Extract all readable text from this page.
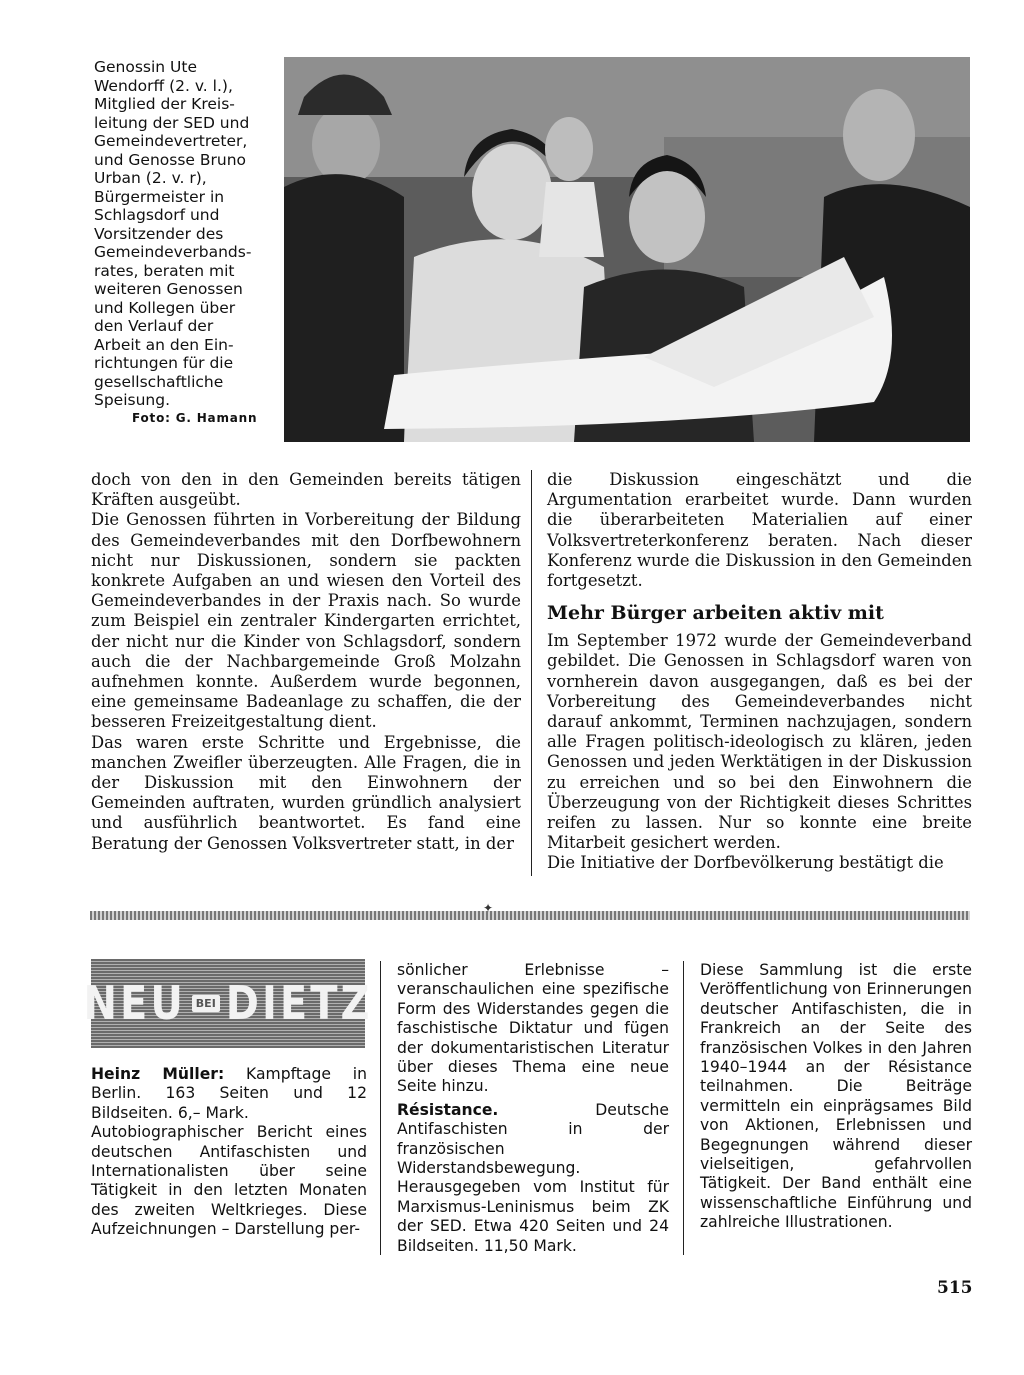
Genossin Ute
Wendorff (2. v. l.),
Mitglied der Kreis-
leitung der SED und
Gemeindevertreter,
und Genosse Bruno
Urban (2. v. r),
Bürgermeister in
Schlagsdorf und
Vorsitzender des
Gemeindeverbands-
rates, beraten mit
weiteren Genossen
und Kollegen über
den Verlauf der
Arbeit an den Ein-
richtungen für die
gesellschaftliche
Speisung.
Foto: G. Hamann

doch von den in den Gemeinden bereits tätigen Kräften ausgeübt.

Die Genossen führten in Vorbereitung der Bildung des Gemeindeverbandes mit den Dorfbewohnern nicht nur Diskussionen, sondern sie packten konkrete Aufgaben an und wiesen den Vorteil des Gemeindeverbandes in der Praxis nach. So wurde zum Beispiel ein zentraler Kindergarten errichtet, der nicht nur die Kinder von Schlagsdorf, sondern auch die der Nachbargemeinde Groß Molzahn aufnehmen konnte. Außerdem wurde begonnen, eine gemeinsame Badeanlage zu schaffen, die der besseren Freizeitgestaltung dient.

Das waren erste Schritte und Ergebnisse, die manchen Zweifler überzeugten. Alle Fragen, die in der Diskussion mit den Einwohnern der Gemeinden auftraten, wurden gründlich analysiert und ausführlich beantwortet. Es fand eine Beratung der Genossen Volksvertreter statt, in der

die Diskussion eingeschätzt und die Argumentation erarbeitet wurde. Dann wurden die überarbeiteten Materialien auf einer Volksvertreterkonferenz beraten. Nach dieser Konferenz wurde die Diskussion in den Gemeinden fortgesetzt.

Mehr Bürger arbeiten aktiv mit

Im September 1972 wurde der Gemeindeverband gebildet. Die Genossen in Schlagsdorf waren von vornherein davon ausgegangen, daß es bei der Vorbereitung des Gemeindeverbandes nicht darauf ankommt, Terminen nachzujagen, sondern alle Fragen politisch-ideologisch zu klären, jeden Genossen und jeden Werktätigen in der Diskussion zu erreichen und so bei den Einwohnern die Überzeugung von der Richtigkeit dieses Schrittes reifen zu lassen. Nur so konnte eine breite Mitarbeit gesichert werden.

Die Initiative der Dorfbevölkerung bestätigt die

✦
NEU BEI DIETZ

Heinz Müller: Kampftage in Berlin. 163 Seiten und 12 Bildseiten. 6,– Mark.

Autobiographischer Bericht eines deutschen Antifaschisten und Internationalisten über seine Tätigkeit in den letzten Monaten des zweiten Weltkrieges. Diese Aufzeichnungen – Darstellung per-

sönlicher Erlebnisse – veranschaulichen eine spezifische Form des Widerstandes gegen die faschistische Diktatur und fügen der dokumentaristischen Literatur über dieses Thema eine neue Seite hinzu.

Résistance. Deutsche Antifaschisten in der französischen Widerstandsbewegung. Herausgegeben vom Institut für Marxismus-Leninismus beim ZK der SED. Etwa 420 Seiten und 24 Bildseiten. 11,50 Mark.

Diese Sammlung ist die erste Veröffentlichung von Erinnerungen deutscher Antifaschisten, die in Frankreich an der Seite des französischen Volkes in den Jahren 1940–1944 an der Résistance teilnahmen. Die Beiträge vermitteln ein einprägsames Bild von Aktionen, Erlebnissen und Begegnungen während dieser vielseitigen, gefahrvollen Tätigkeit. Der Band enthält eine wissenschaftliche Einführung und zahlreiche Illustrationen.

515
